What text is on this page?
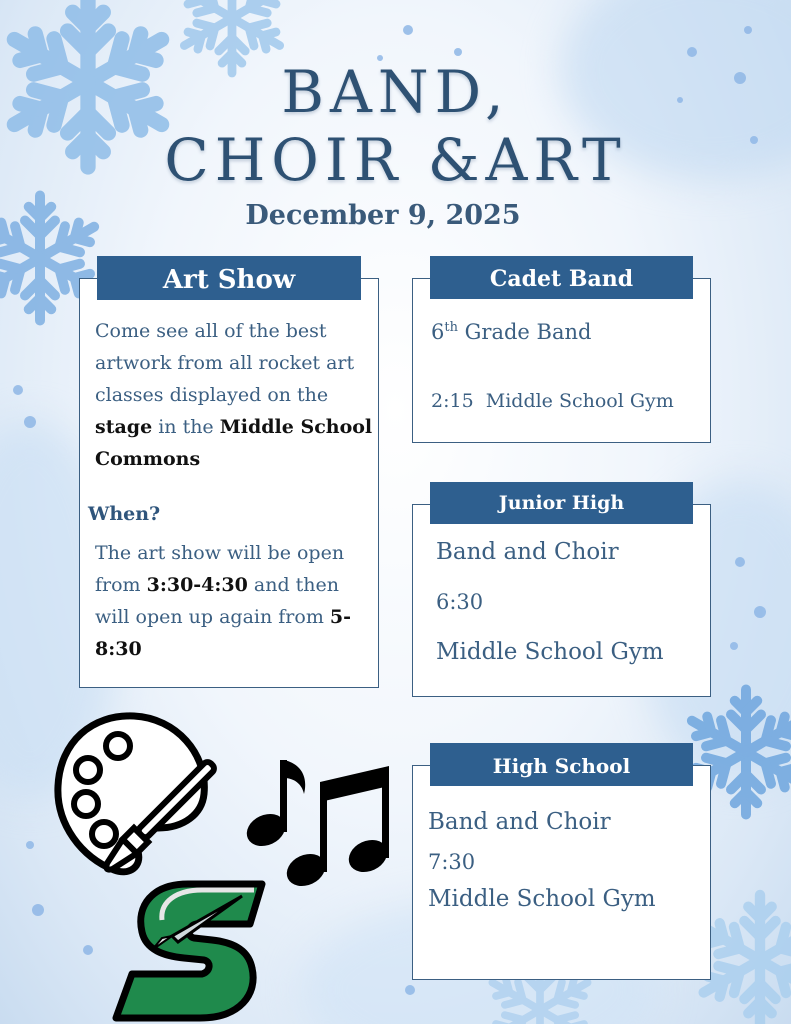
BAND,
CHOIR &ART
December 9, 2025
Art Show
Come see all of the best artwork from all rocket art classes displayed on the stage in the Middle School Commons
When?
The art show will be open from 3:30-4:30 and then will open up again from 5-8:30
Cadet Band
6th Grade Band
2:15  Middle School Gym
Junior High
Band and Choir
6:30
Middle School Gym
High School
Band and Choir
7:30
Middle School Gym
